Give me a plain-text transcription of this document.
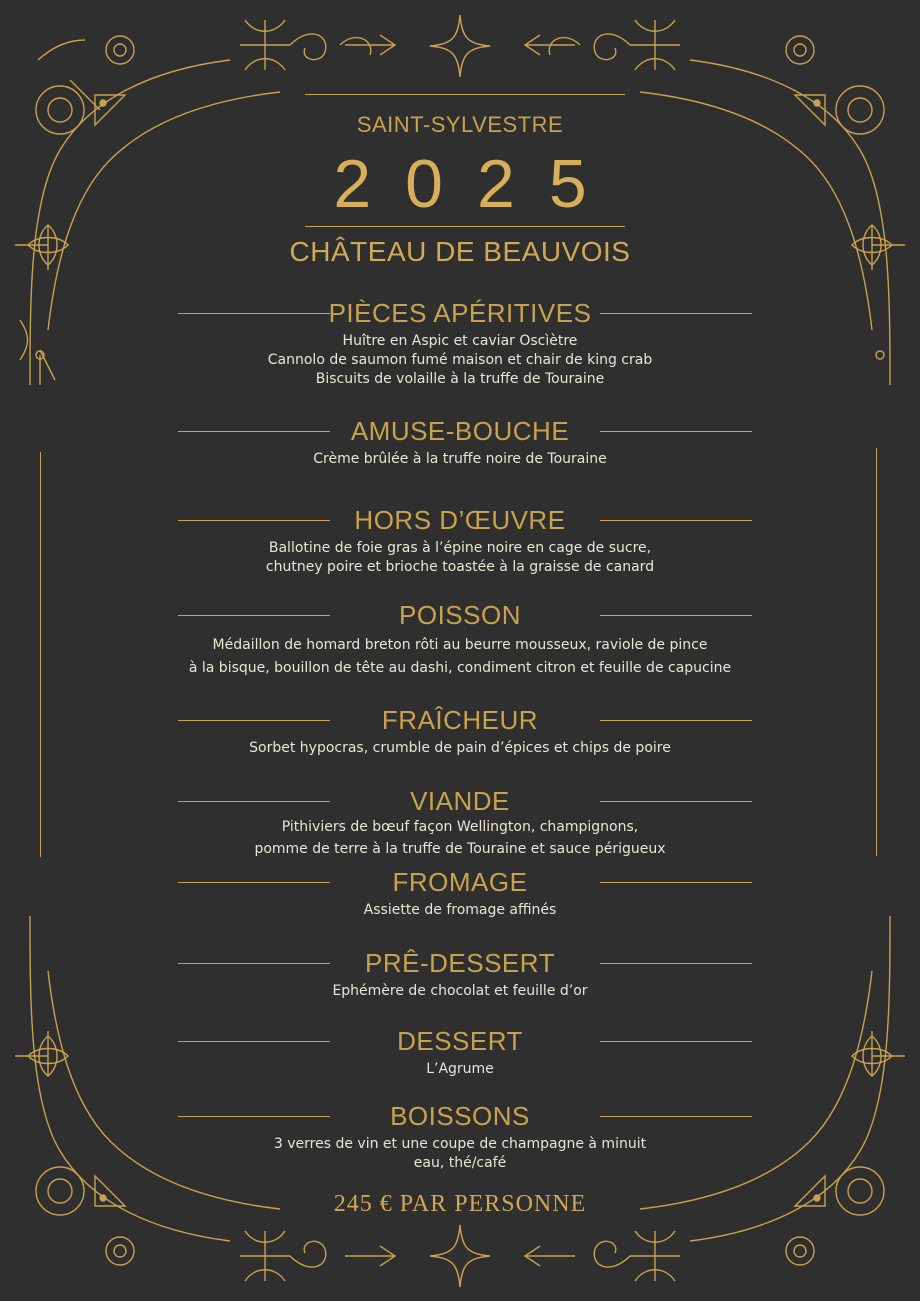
SAINT-SYLVESTRE
2025
CHÂTEAU DE BEAUVOIS
PIÈCES APÉRITIVES
Huître en Aspic et caviar Oscìètre
Cannolo de saumon fumé maison et chair de king crab
Biscuits de volaille à la truffe de Touraine
AMUSE-BOUCHE
Crème brûlée à la truffe noire de Touraine
HORS D’ŒUVRE
Ballotine de foie gras à l’épine noire en cage de sucre,
chutney poire et brioche toastée à la graisse de canard
POISSON
Médaillon de homard breton rôti au beurre mousseux, raviole de pince
à la bisque, bouillon de tête au dashi, condiment citron et feuille de capucine
FRAÎCHEUR
Sorbet hypocras, crumble de pain d’épices et chips de poire
VIANDE
Pithiviers de bœuf façon Wellington, champignons,
pomme de terre à la truffe de Touraine et sauce périgueux
FROMAGE
Assiette de fromage affinés
PRÊ-DESSERT
Ephémère de chocolat et feuille d’or
DESSERT
L’Agrume
BOISSONS
3 verres de vin et une coupe de champagne à minuit
eau, thé/café
245 € PAR PERSONNE
